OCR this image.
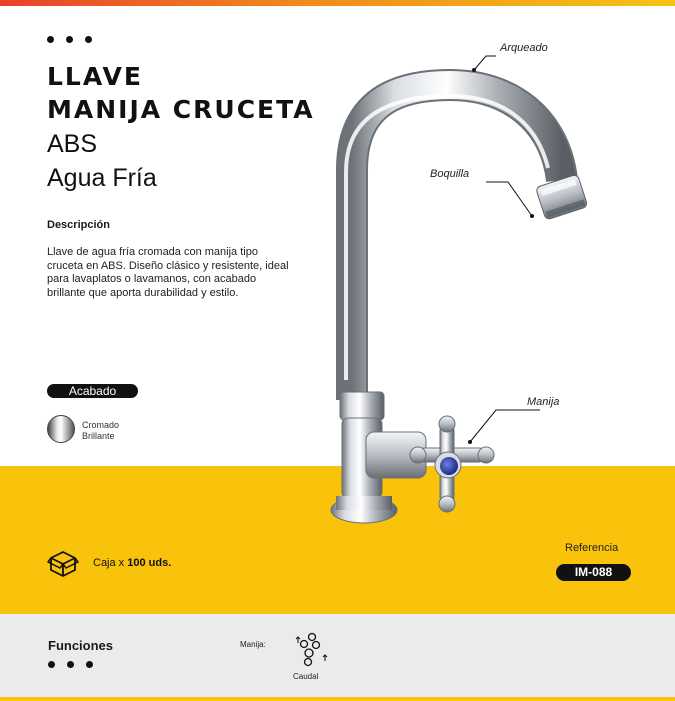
LLAVE
MANIJA CRUCETA
ABS
Agua Fría
Descripción
Llave de agua fría cromada con manija tipo cruceta en ABS. Diseño clásico y resistente, ideal para lavaplatos o lavamanos, con acabado brillante que aporta durabilidad y estilo.
Acabado
Cromado
Brillante
Arqueado
Boquilla
Manija
Caja x 100 uds.
Referencia
IM-088
Funciones	Manija:
Caudal
